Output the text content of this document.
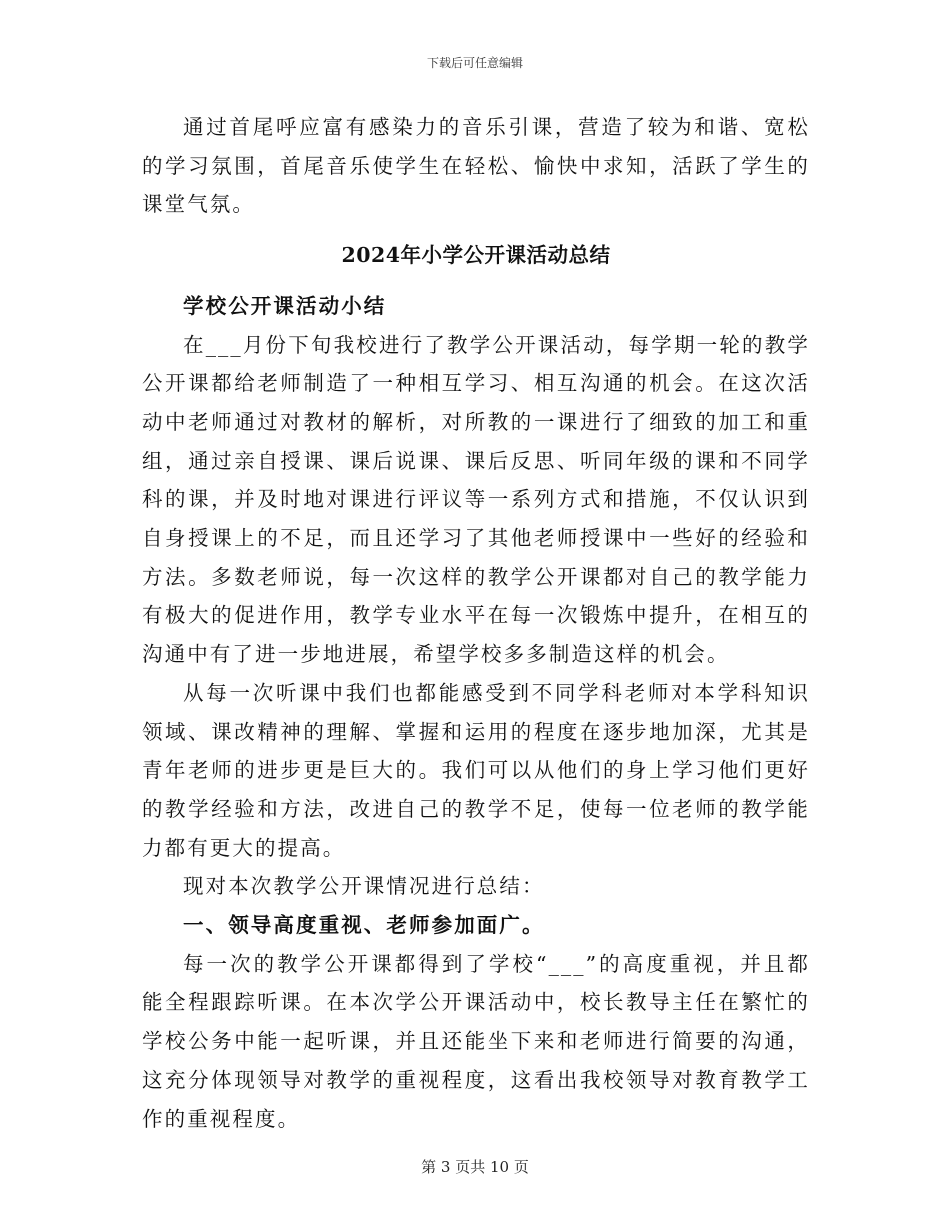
下载后可任意编辑

通过首尾呼应富有感染力的音乐引课，营造了较为和谐、宽松的学习氛围，首尾音乐使学生在轻松、愉快中求知，活跃了学生的课堂气氛。

2024年小学公开课活动总结

学校公开课活动小结

在___月份下旬我校进行了教学公开课活动，每学期一轮的教学公开课都给老师制造了一种相互学习、相互沟通的机会。在这次活动中老师通过对教材的解析，对所教的一课进行了细致的加工和重组，通过亲自授课、课后说课、课后反思、听同年级的课和不同学科的课，并及时地对课进行评议等一系列方式和措施，不仅认识到自身授课上的不足，而且还学习了其他老师授课中一些好的经验和方法。多数老师说，每一次这样的教学公开课都对自己的教学能力有极大的促进作用，教学专业水平在每一次锻炼中提升，在相互的沟通中有了进一步地进展，希望学校多多制造这样的机会。

从每一次听课中我们也都能感受到不同学科老师对本学科知识领域、课改精神的理解、掌握和运用的程度在逐步地加深，尤其是青年老师的进步更是巨大的。我们可以从他们的身上学习他们更好的教学经验和方法，改进自己的教学不足，使每一位老师的教学能力都有更大的提高。

现对本次教学公开课情况进行总结：

一、领导高度重视、老师参加面广。

每一次的教学公开课都得到了学校“___”的高度重视，并且都能全程跟踪听课。在本次学公开课活动中，校长教导主任在繁忙的学校公务中能一起听课，并且还能坐下来和老师进行简要的沟通，这充分体现领导对教学的重视程度，这看出我校领导对教育教学工作的重视程度。

第 3 页共 10 页
